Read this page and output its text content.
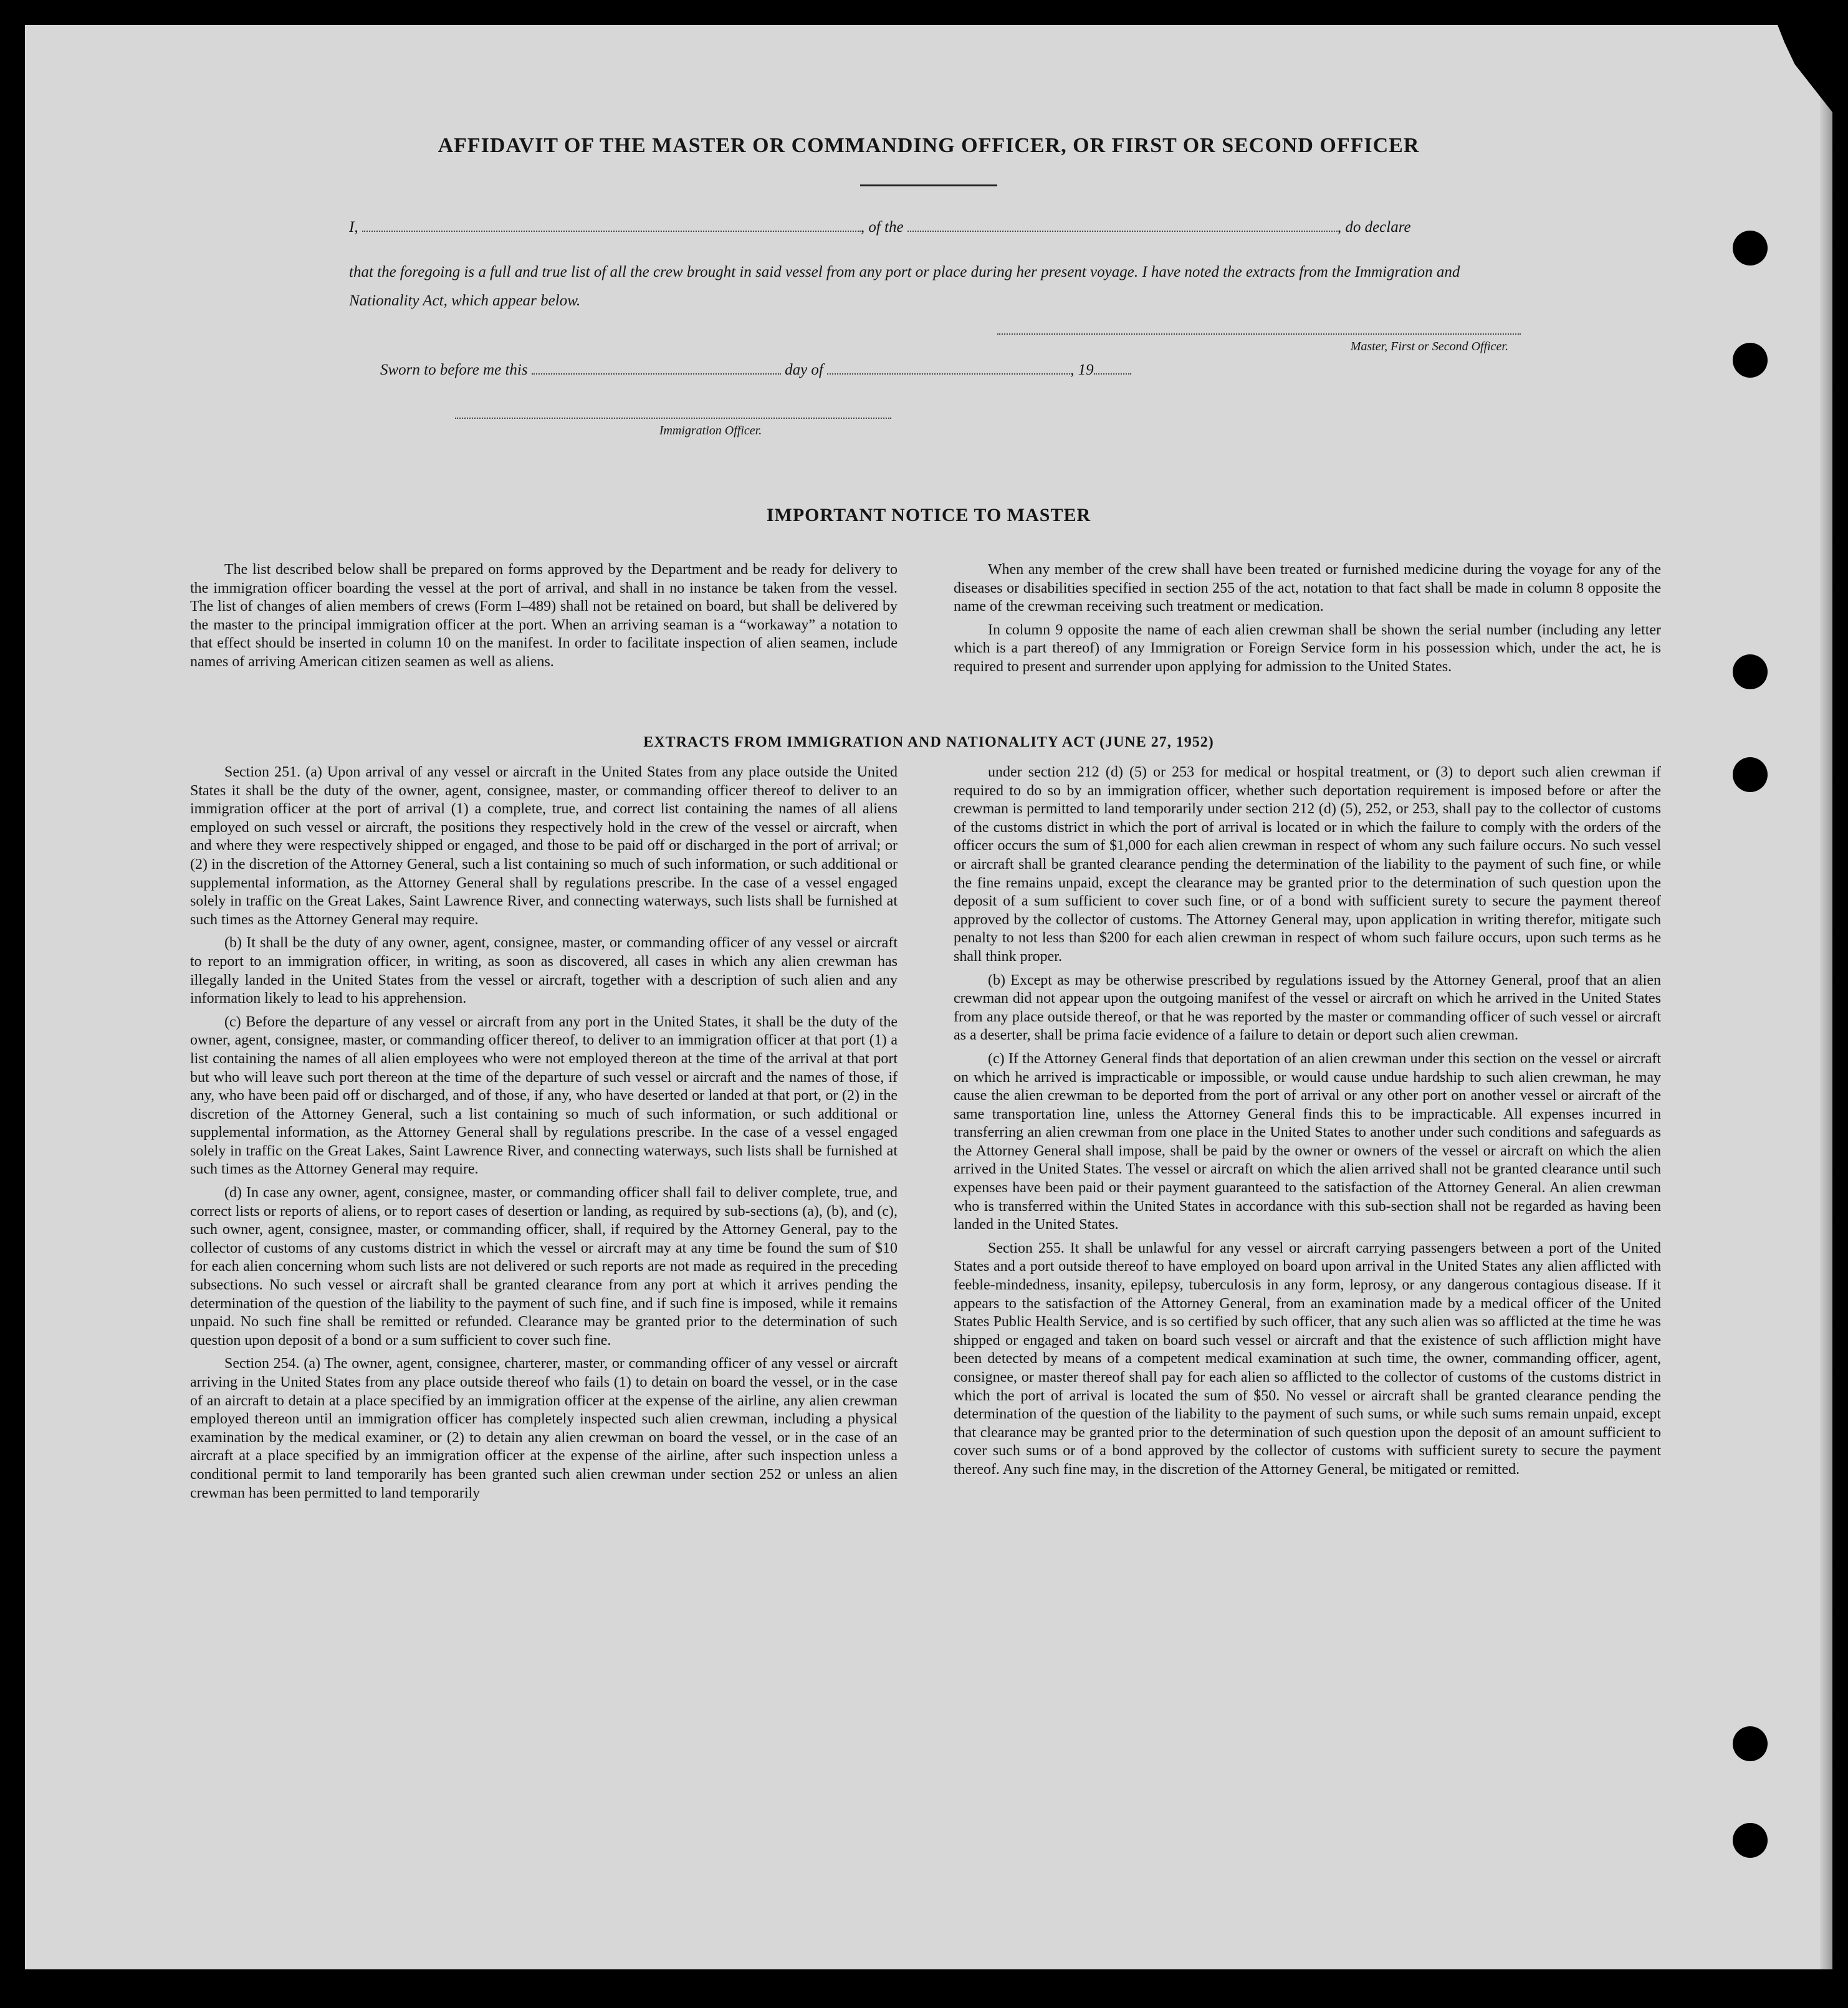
AFFIDAVIT OF THE MASTER OR COMMANDING OFFICER, OR FIRST OR SECOND OFFICER
I,	, of the	, do declare
that the foregoing is a full and true list of all the crew brought in said vessel from any port or place during her present voyage. I have noted the extracts from the Immigration and Nationality Act, which appear below.
Master, First or Second Officer.
Sworn to before me this	day of	, 19
Immigration Officer.
IMPORTANT NOTICE TO MASTER

The list described below shall be prepared on forms approved by the Department and be ready for delivery to the immigration officer boarding the vessel at the port of arrival, and shall in no instance be taken from the vessel. The list of changes of alien members of crews (Form I–489) shall not be retained on board, but shall be delivered by the master to the principal immigration officer at the port. When an arriving seaman is a “workaway” a notation to that effect should be inserted in column 10 on the manifest. In order to facilitate inspection of alien seamen, include names of arriving American citizen seamen as well as aliens.

When any member of the crew shall have been treated or furnished medicine during the voyage for any of the diseases or disabilities specified in section 255 of the act, notation to that fact shall be made in column 8 opposite the name of the crewman receiving such treatment or medication.

In column 9 opposite the name of each alien crewman shall be shown the serial number (including any letter which is a part thereof) of any Immigration or Foreign Service form in his possession which, under the act, he is required to present and surrender upon applying for admission to the United States.

EXTRACTS FROM IMMIGRATION AND NATIONALITY ACT (JUNE 27, 1952)

Section 251. (a) Upon arrival of any vessel or aircraft in the United States from any place outside the United States it shall be the duty of the owner, agent, consignee, master, or commanding officer thereof to deliver to an immigration officer at the port of arrival (1) a complete, true, and correct list containing the names of all aliens employed on such vessel or aircraft, the positions they respectively hold in the crew of the vessel or aircraft, when and where they were respectively shipped or engaged, and those to be paid off or discharged in the port of arrival; or (2) in the discretion of the Attorney General, such a list containing so much of such information, or such additional or supplemental information, as the Attorney General shall by regulations prescribe. In the case of a vessel engaged solely in traffic on the Great Lakes, Saint Lawrence River, and connecting waterways, such lists shall be furnished at such times as the Attorney General may require.

(b) It shall be the duty of any owner, agent, consignee, master, or commanding officer of any vessel or aircraft to report to an immigration officer, in writing, as soon as discovered, all cases in which any alien crewman has illegally landed in the United States from the vessel or aircraft, together with a description of such alien and any information likely to lead to his apprehension.

(c) Before the departure of any vessel or aircraft from any port in the United States, it shall be the duty of the owner, agent, consignee, master, or commanding officer thereof, to deliver to an immigration officer at that port (1) a list containing the names of all alien employees who were not employed thereon at the time of the arrival at that port but who will leave such port thereon at the time of the departure of such vessel or aircraft and the names of those, if any, who have been paid off or discharged, and of those, if any, who have deserted or landed at that port, or (2) in the discretion of the Attorney General, such a list containing so much of such information, or such additional or supplemental information, as the Attorney General shall by regulations prescribe. In the case of a vessel engaged solely in traffic on the Great Lakes, Saint Lawrence River, and connecting waterways, such lists shall be furnished at such times as the Attorney General may require.

(d) In case any owner, agent, consignee, master, or commanding officer shall fail to deliver complete, true, and correct lists or reports of aliens, or to report cases of desertion or landing, as required by sub-sections (a), (b), and (c), such owner, agent, consignee, master, or commanding officer, shall, if required by the Attorney General, pay to the collector of customs of any customs district in which the vessel or aircraft may at any time be found the sum of $10 for each alien concerning whom such lists are not delivered or such reports are not made as required in the preceding subsections. No such vessel or aircraft shall be granted clearance from any port at which it arrives pending the determination of the question of the liability to the payment of such fine, and if such fine is imposed, while it remains unpaid. No such fine shall be remitted or refunded. Clearance may be granted prior to the determination of such question upon deposit of a bond or a sum sufficient to cover such fine.

Section 254. (a) The owner, agent, consignee, charterer, master, or commanding officer of any vessel or aircraft arriving in the United States from any place outside thereof who fails (1) to detain on board the vessel, or in the case of an aircraft to detain at a place specified by an immigration officer at the expense of the airline, any alien crewman employed thereon until an immigration officer has completely inspected such alien crewman, including a physical examination by the medical examiner, or (2) to detain any alien crewman on board the vessel, or in the case of an aircraft at a place specified by an immigration officer at the expense of the airline, after such inspection unless a conditional permit to land temporarily has been granted such alien crewman under section 252 or unless an alien crewman has been permitted to land temporarily

under section 212 (d) (5) or 253 for medical or hospital treatment, or (3) to deport such alien crewman if required to do so by an immigration officer, whether such deportation requirement is imposed before or after the crewman is permitted to land temporarily under section 212 (d) (5), 252, or 253, shall pay to the collector of customs of the customs district in which the port of arrival is located or in which the failure to comply with the orders of the officer occurs the sum of $1,000 for each alien crewman in respect of whom any such failure occurs. No such vessel or aircraft shall be granted clearance pending the determination of the liability to the payment of such fine, or while the fine remains unpaid, except the clearance may be granted prior to the determination of such question upon the deposit of a sum sufficient to cover such fine, or of a bond with sufficient surety to secure the payment thereof approved by the collector of customs. The Attorney General may, upon application in writing therefor, mitigate such penalty to not less than $200 for each alien crewman in respect of whom such failure occurs, upon such terms as he shall think proper.

(b) Except as may be otherwise prescribed by regulations issued by the Attorney General, proof that an alien crewman did not appear upon the outgoing manifest of the vessel or aircraft on which he arrived in the United States from any place outside thereof, or that he was reported by the master or commanding officer of such vessel or aircraft as a deserter, shall be prima facie evidence of a failure to detain or deport such alien crewman.

(c) If the Attorney General finds that deportation of an alien crewman under this section on the vessel or aircraft on which he arrived is impracticable or impossible, or would cause undue hardship to such alien crewman, he may cause the alien crewman to be deported from the port of arrival or any other port on another vessel or aircraft of the same transportation line, unless the Attorney General finds this to be impracticable. All expenses incurred in transferring an alien crewman from one place in the United States to another under such conditions and safeguards as the Attorney General shall impose, shall be paid by the owner or owners of the vessel or aircraft on which the alien arrived in the United States. The vessel or aircraft on which the alien arrived shall not be granted clearance until such expenses have been paid or their payment guaranteed to the satisfaction of the Attorney General. An alien crewman who is transferred within the United States in accordance with this sub-section shall not be regarded as having been landed in the United States.

Section 255. It shall be unlawful for any vessel or aircraft carrying passengers between a port of the United States and a port outside thereof to have employed on board upon arrival in the United States any alien afflicted with feeble-mindedness, insanity, epilepsy, tuberculosis in any form, leprosy, or any dangerous contagious disease. If it appears to the satisfaction of the Attorney General, from an examination made by a medical officer of the United States Public Health Service, and is so certified by such officer, that any such alien was so afflicted at the time he was shipped or engaged and taken on board such vessel or aircraft and that the existence of such affliction might have been detected by means of a competent medical examination at such time, the owner, commanding officer, agent, consignee, or master thereof shall pay for each alien so afflicted to the collector of customs of the customs district in which the port of arrival is located the sum of $50. No vessel or aircraft shall be granted clearance pending the determination of the question of the liability to the payment of such sums, or while such sums remain unpaid, except that clearance may be granted prior to the determination of such question upon the deposit of an amount sufficient to cover such sums or of a bond approved by the collector of customs with sufficient surety to secure the payment thereof. Any such fine may, in the discretion of the Attorney General, be mitigated or remitted.
